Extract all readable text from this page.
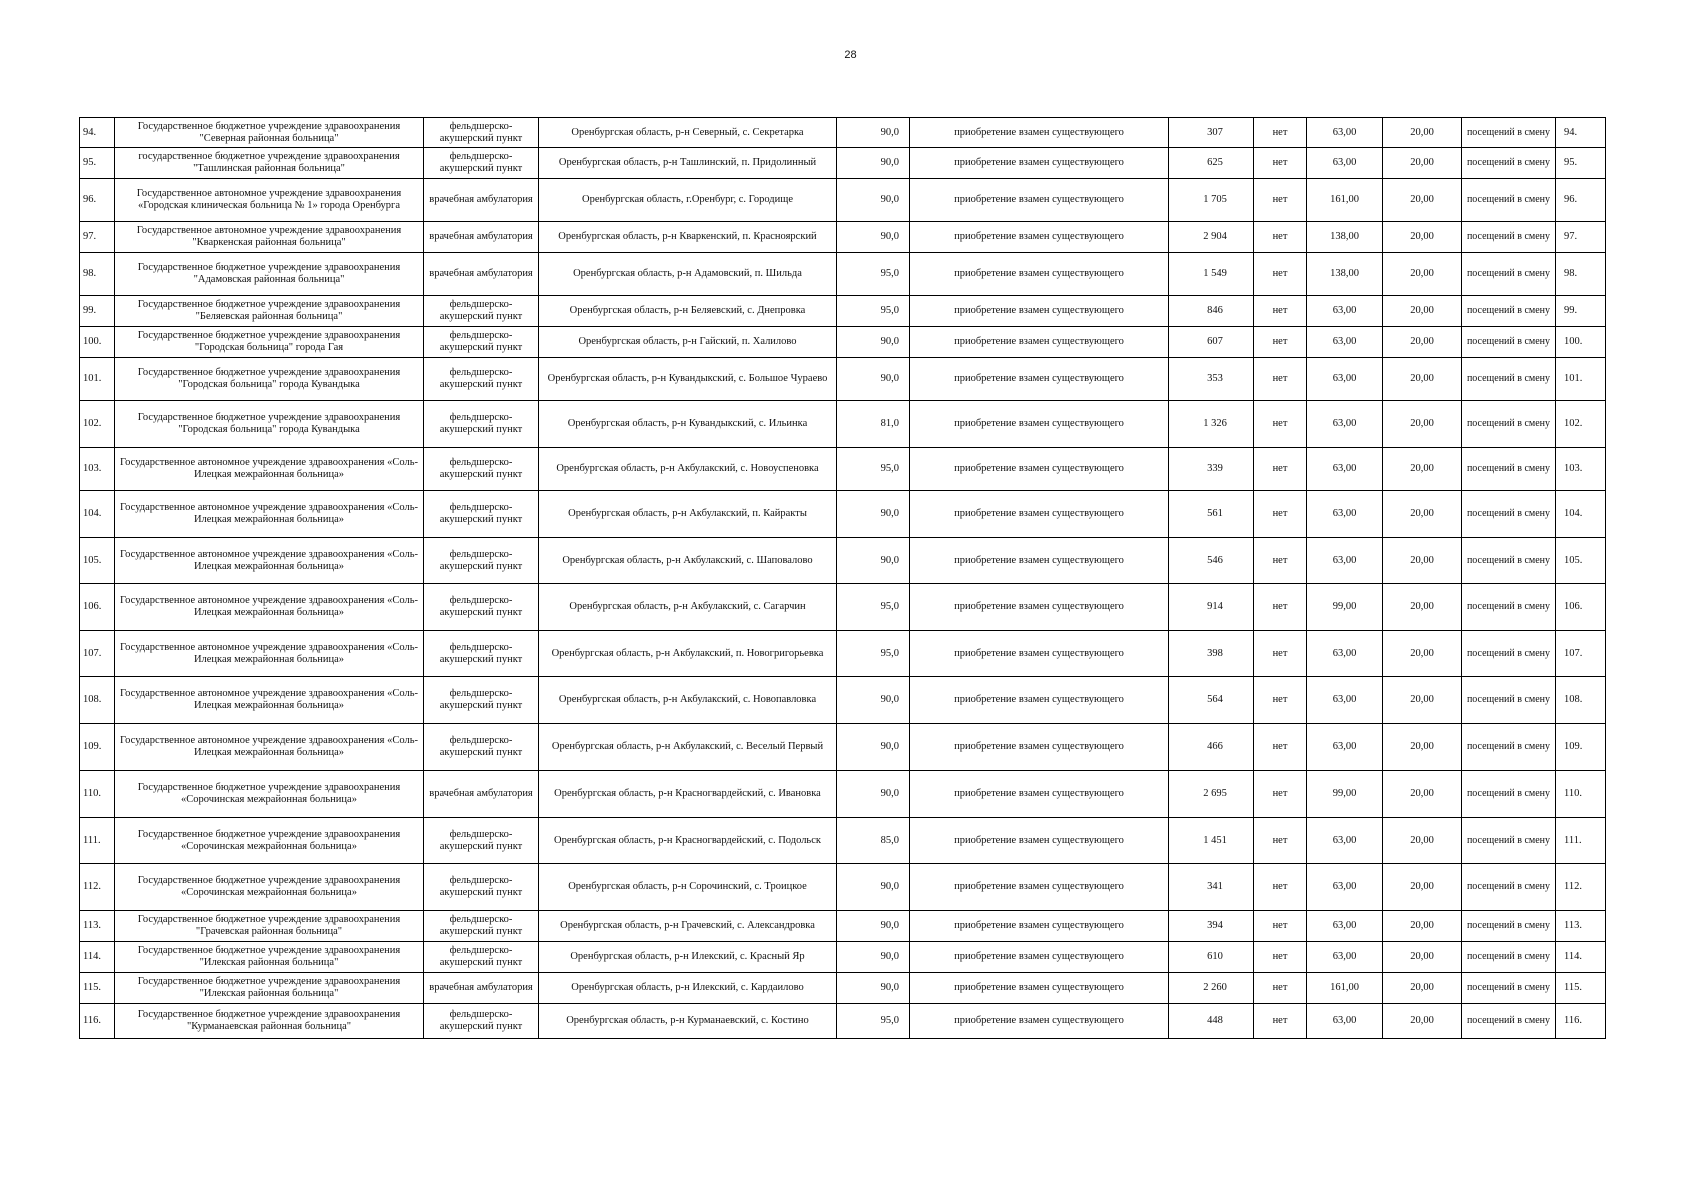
28
94.	Государственное бюджетное учреждение здравоохранения "Северная районная больница"	фельдшерско-акушерский пункт	Оренбургская область, р-н Северный, с. Секретарка	90,0	приобретение взамен существующего	307	нет	63,00	20,00	посещений в смену	94.
95.	государственное бюджетное учреждение здравоохранения "Ташлинская районная больница"	фельдшерско-акушерский пункт	Оренбургская область, р-н Ташлинский, п. Придолинный	90,0	приобретение взамен существующего	625	нет	63,00	20,00	посещений в смену	95.
96.	Государственное автономное учреждение здравоохранения «Городская клиническая больница № 1» города Оренбурга	врачебная амбулатория	Оренбургская область, г.Оренбург, с. Городище	90,0	приобретение взамен существующего	1 705	нет	161,00	20,00	посещений в смену	96.
97.	Государственное автономное учреждение здравоохранения "Кваркенская районная больница"	врачебная амбулатория	Оренбургская область, р-н Кваркенский, п. Красноярский	90,0	приобретение взамен существующего	2 904	нет	138,00	20,00	посещений в смену	97.
98.	Государственное бюджетное учреждение здравоохранения "Адамовская районная больница"	врачебная амбулатория	Оренбургская область, р-н Адамовский, п. Шильда	95,0	приобретение взамен существующего	1 549	нет	138,00	20,00	посещений в смену	98.
99.	Государственное бюджетное учреждение здравоохранения "Беляевская районная больница"	фельдшерско-акушерский пункт	Оренбургская область, р-н Беляевский, с. Днепровка	95,0	приобретение взамен существующего	846	нет	63,00	20,00	посещений в смену	99.
100.	Государственное бюджетное учреждение здравоохранения "Городская больница" города Гая	фельдшерско-акушерский пункт	Оренбургская область, р-н Гайский, п. Халилово	90,0	приобретение взамен существующего	607	нет	63,00	20,00	посещений в смену	100.
101.	Государственное бюджетное учреждение здравоохранения "Городская больница" города Кувандыка	фельдшерско-акушерский пункт	Оренбургская область, р-н Кувандыкский, с. Большое Чураево	90,0	приобретение взамен существующего	353	нет	63,00	20,00	посещений в смену	101.
102.	Государственное бюджетное учреждение здравоохранения "Городская больница" города Кувандыка	фельдшерско-акушерский пункт	Оренбургская область, р-н Кувандыкский, с. Ильинка	81,0	приобретение взамен существующего	1 326	нет	63,00	20,00	посещений в смену	102.
103.	Государственное автономное учреждение здравоохранения «Соль-Илецкая межрайонная больница»	фельдшерско-акушерский пункт	Оренбургская область, р-н Акбулакский, с. Новоуспеновка	95,0	приобретение взамен существующего	339	нет	63,00	20,00	посещений в смену	103.
104.	Государственное автономное учреждение здравоохранения «Соль-Илецкая межрайонная больница»	фельдшерско-акушерский пункт	Оренбургская область, р-н Акбулакский, п. Кайракты	90,0	приобретение взамен существующего	561	нет	63,00	20,00	посещений в смену	104.
105.	Государственное автономное учреждение здравоохранения «Соль-Илецкая межрайонная больница»	фельдшерско-акушерский пункт	Оренбургская область, р-н Акбулакский, с. Шаповалово	90,0	приобретение взамен существующего	546	нет	63,00	20,00	посещений в смену	105.
106.	Государственное автономное учреждение здравоохранения «Соль-Илецкая межрайонная больница»	фельдшерско-акушерский пункт	Оренбургская область, р-н Акбулакский, с. Сагарчин	95,0	приобретение взамен существующего	914	нет	99,00	20,00	посещений в смену	106.
107.	Государственное автономное учреждение здравоохранения «Соль-Илецкая межрайонная больница»	фельдшерско-акушерский пункт	Оренбургская область, р-н Акбулакский, п. Новогригорьевка	95,0	приобретение взамен существующего	398	нет	63,00	20,00	посещений в смену	107.
108.	Государственное автономное учреждение здравоохранения «Соль-Илецкая межрайонная больница»	фельдшерско-акушерский пункт	Оренбургская область, р-н Акбулакский, с. Новопавловка	90,0	приобретение взамен существующего	564	нет	63,00	20,00	посещений в смену	108.
109.	Государственное автономное учреждение здравоохранения «Соль-Илецкая межрайонная больница»	фельдшерско-акушерский пункт	Оренбургская область, р-н Акбулакский, с. Веселый Первый	90,0	приобретение взамен существующего	466	нет	63,00	20,00	посещений в смену	109.
110.	Государственное бюджетное учреждение здравоохранения «Сорочинская межрайонная больница»	врачебная амбулатория	Оренбургская область, р-н Красногвардейский, с. Ивановка	90,0	приобретение взамен существующего	2 695	нет	99,00	20,00	посещений в смену	110.
111.	Государственное бюджетное учреждение здравоохранения «Сорочинская межрайонная больница»	фельдшерско-акушерский пункт	Оренбургская область, р-н Красногвардейский, с. Подольск	85,0	приобретение взамен существующего	1 451	нет	63,00	20,00	посещений в смену	111.
112.	Государственное бюджетное учреждение здравоохранения «Сорочинская межрайонная больница»	фельдшерско-акушерский пункт	Оренбургская область, р-н Сорочинский, с. Троицкое	90,0	приобретение взамен существующего	341	нет	63,00	20,00	посещений в смену	112.
113.	Государственное бюджетное учреждение здравоохранения "Грачевская районная больница"	фельдшерско-акушерский пункт	Оренбургская область, р-н Грачевский, с. Александровка	90,0	приобретение взамен существующего	394	нет	63,00	20,00	посещений в смену	113.
114.	Государственное бюджетное учреждение здравоохранения "Илекская районная больница"	фельдшерско-акушерский пункт	Оренбургская область, р-н Илекский, с. Красный Яр	90,0	приобретение взамен существующего	610	нет	63,00	20,00	посещений в смену	114.
115.	Государственное бюджетное учреждение здравоохранения "Илекская районная больница"	врачебная амбулатория	Оренбургская область, р-н Илекский, с. Кардаилово	90,0	приобретение взамен существующего	2 260	нет	161,00	20,00	посещений в смену	115.
116.	Государственное бюджетное учреждение здравоохранения "Курманаевская районная больница"	фельдшерско-акушерский пункт	Оренбургская область, р-н Курманаевский, с. Костино	95,0	приобретение взамен существующего	448	нет	63,00	20,00	посещений в смену	116.
